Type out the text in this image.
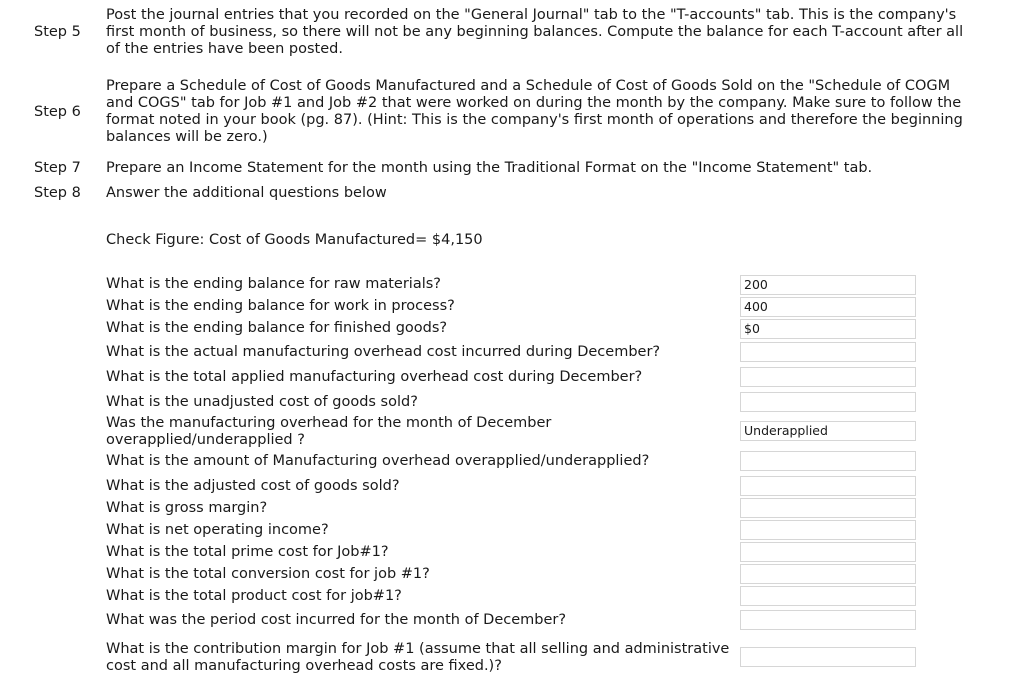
Step 5
Post the journal entries that you recorded on the "General Journal" tab to the "T-accounts" tab. This is the company's first month of business, so there will not be any beginning balances. Compute the balance for each T-account after all of the entries have been posted.
Step 6
Prepare a Schedule of Cost of Goods Manufactured and a Schedule of Cost of Goods Sold on the "Schedule of COGM and COGS" tab for Job #1 and Job #2 that were worked on during the month by the company. Make sure to follow the format noted in your book (pg. 87). (Hint: This is the company's first month of operations and therefore the beginning balances will be zero.)
Step 7 Prepare an Income Statement for the month using the Traditional Format on the "Income Statement" tab.
Step 8 Answer the additional questions below
Check Figure: Cost of Goods Manufactured= $4,150
What is the ending balance for raw materials?	200
What is the ending balance for work in process?	400
What is the ending balance for finished goods?	$0
What is the actual manufacturing overhead cost incurred during December?
What is the total applied manufacturing overhead cost during December?
What is the unadjusted cost of goods sold?
Was the manufacturing overhead for the month of December overapplied/underapplied ?
Underapplied
What is the amount of Manufacturing overhead overapplied/underapplied?
What is the adjusted cost of goods sold?
What is gross margin?
What is net operating income?
What is the total prime cost for Job#1?
What is the total conversion cost for job #1?
What is the total product cost for job#1?
What was the period cost incurred for the month of December?
What is the contribution margin for Job #1 (assume that all selling and administrative cost and all manufacturing overhead costs are fixed.)?
